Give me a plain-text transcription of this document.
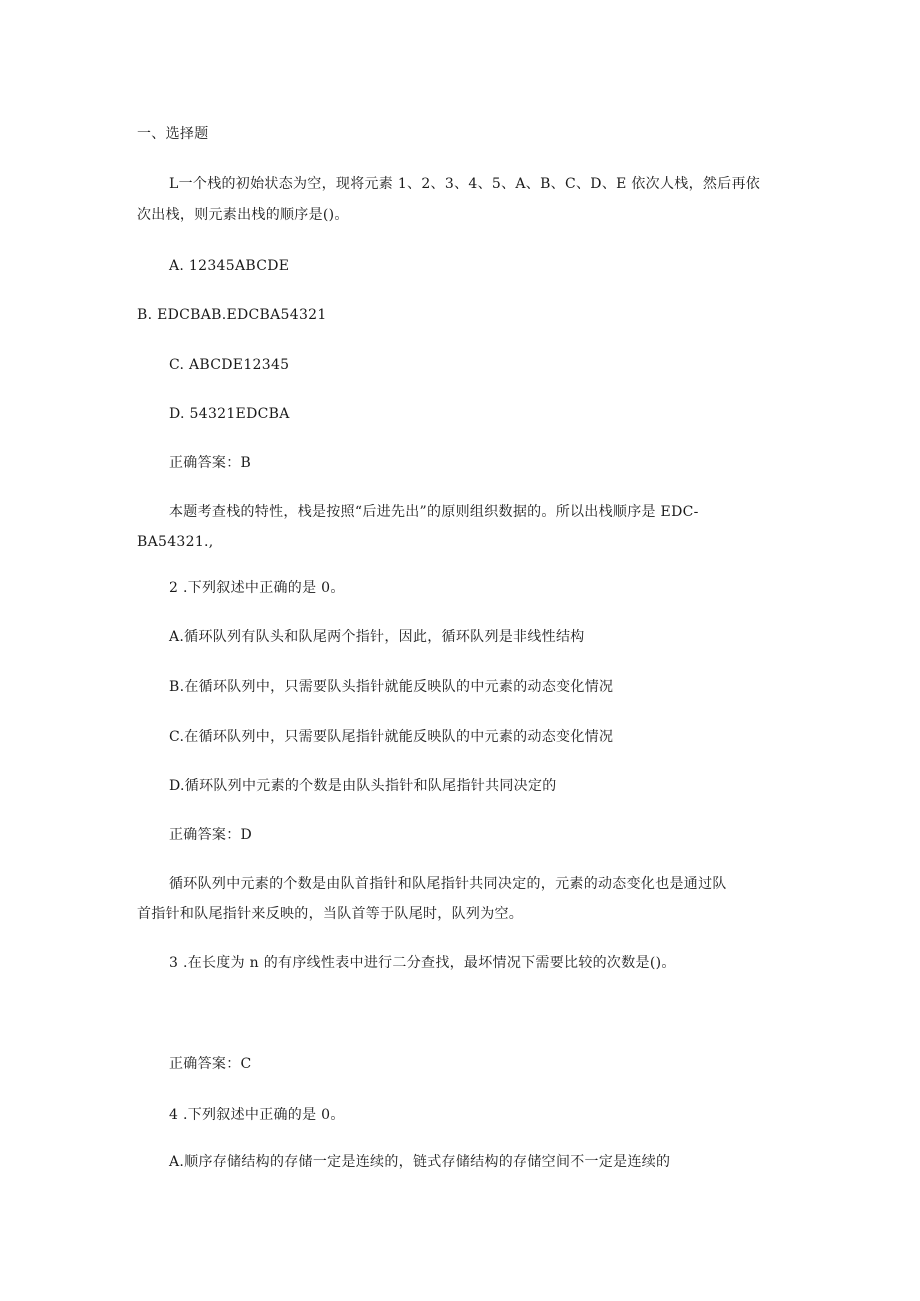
一、选择题
L一个栈的初始状态为空，现将元素 1、2、3、4、5、A、B、C、D、E 依次人栈，然后再依
次出栈，则元素出栈的顺序是()。
A. 12345ABCDE
B. EDCBAB.EDCBA54321
C. ABCDE12345
D. 54321EDCBA
正确答案：B
本题考查栈的特性，栈是按照“后进先出”的原则组织数据的。所以出栈顺序是 EDC-
BA54321.,
2 .下列叙述中正确的是 0。
A.循环队列有队头和队尾两个指针，因此，循环队列是非线性结构
B.在循环队列中，只需要队头指针就能反映队的中元素的动态变化情况
C.在循环队列中，只需要队尾指针就能反映队的中元素的动态变化情况
D.循环队列中元素的个数是由队头指针和队尾指针共同决定的
正确答案：D
循环队列中元素的个数是由队首指针和队尾指针共同决定的，元素的动态变化也是通过队
首指针和队尾指针来反映的，当队首等于队尾时，队列为空。
3 .在长度为 n 的有序线性表中进行二分查找，最坏情况下需要比较的次数是()。
正确答案：C
4 .下列叙述中正确的是 0。
A.顺序存储结构的存储一定是连续的，链式存储结构的存储空间不一定是连续的
